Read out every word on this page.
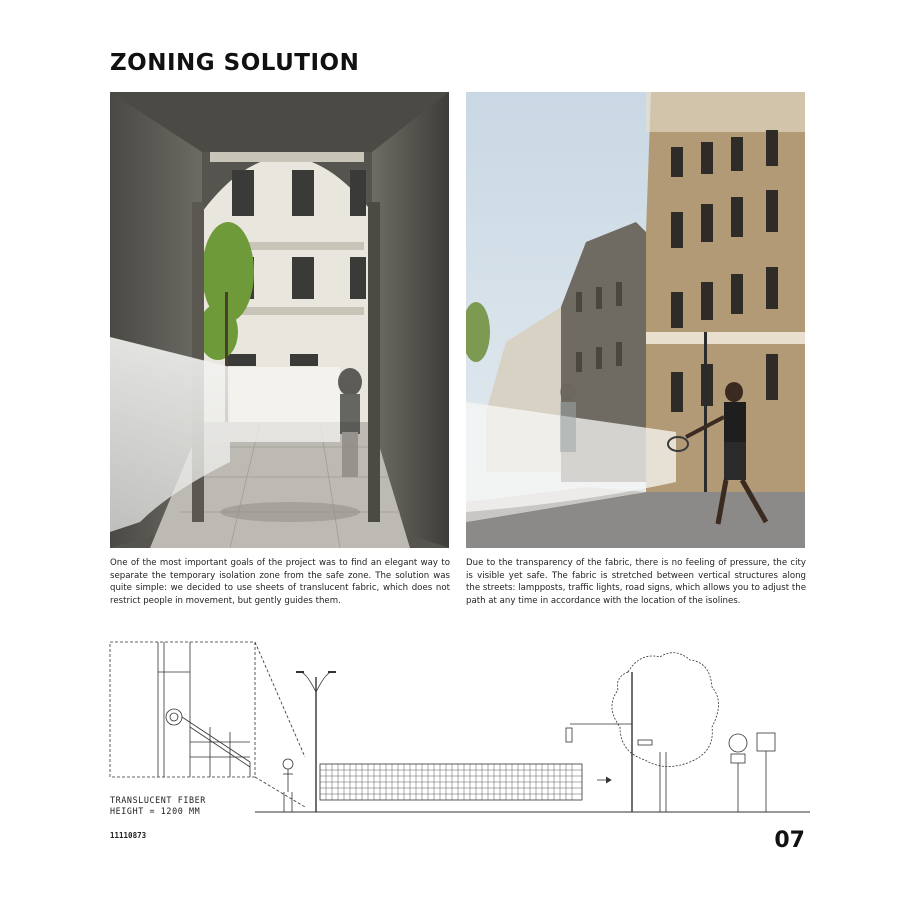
ZONING SOLUTION
One of the most important goals of the project was to find an elegant way to separate the temporary isolation zone from the safe zone. The solution was quite simple: we decided to use sheets of translucent fabric, which does not restrict people in movement, but gently guides them.
Due to the transparency of the fabric, there is no feeling of pressure, the city is visible yet safe. The fabric is stretched between vertical structures along the streets: lampposts, traffic lights, road signs, which allows you to adjust the path at any time in accordance with the location of the isolines.
TRANSLUCENT FIBER
HEIGHT = 1200 MM
11110873	07
